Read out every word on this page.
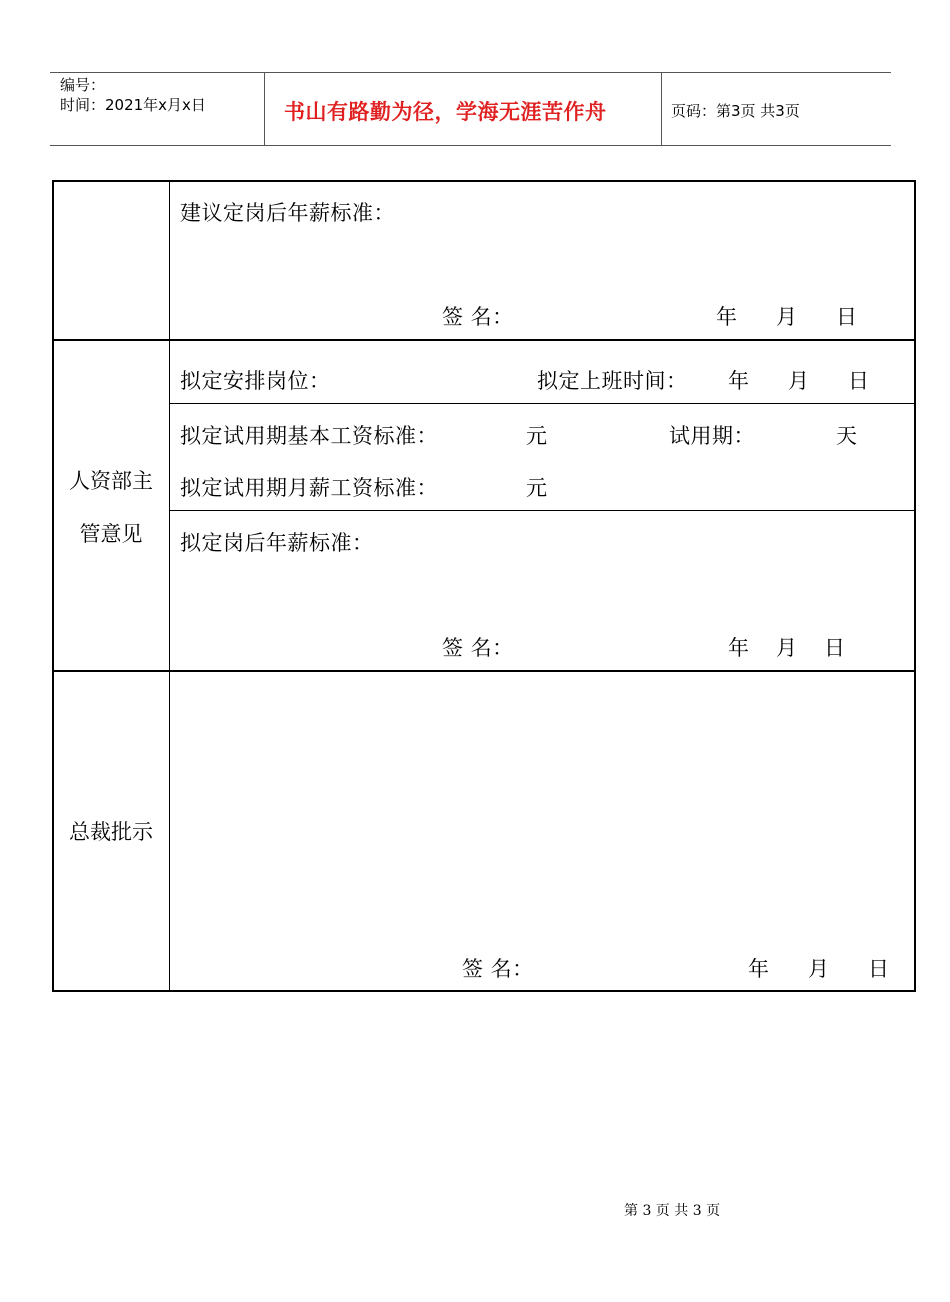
编号：
时间：2021年x月x日	书山有路勤为径，学海无涯苦作舟	页码：第3页 共3页
建议定岗后年薪标准：
签 名：	年 月 日
人资部主
管意见
拟定安排岗位：	拟定上班时间： 年 月 日
拟定试用期基本工资标准：	元	试用期：	天
拟定试用期月薪工资标准：	元
拟定岗后年薪标准：
签 名：	年 月 日
总裁批示
签 名：	年 月 日
第 3 页 共 3 页
